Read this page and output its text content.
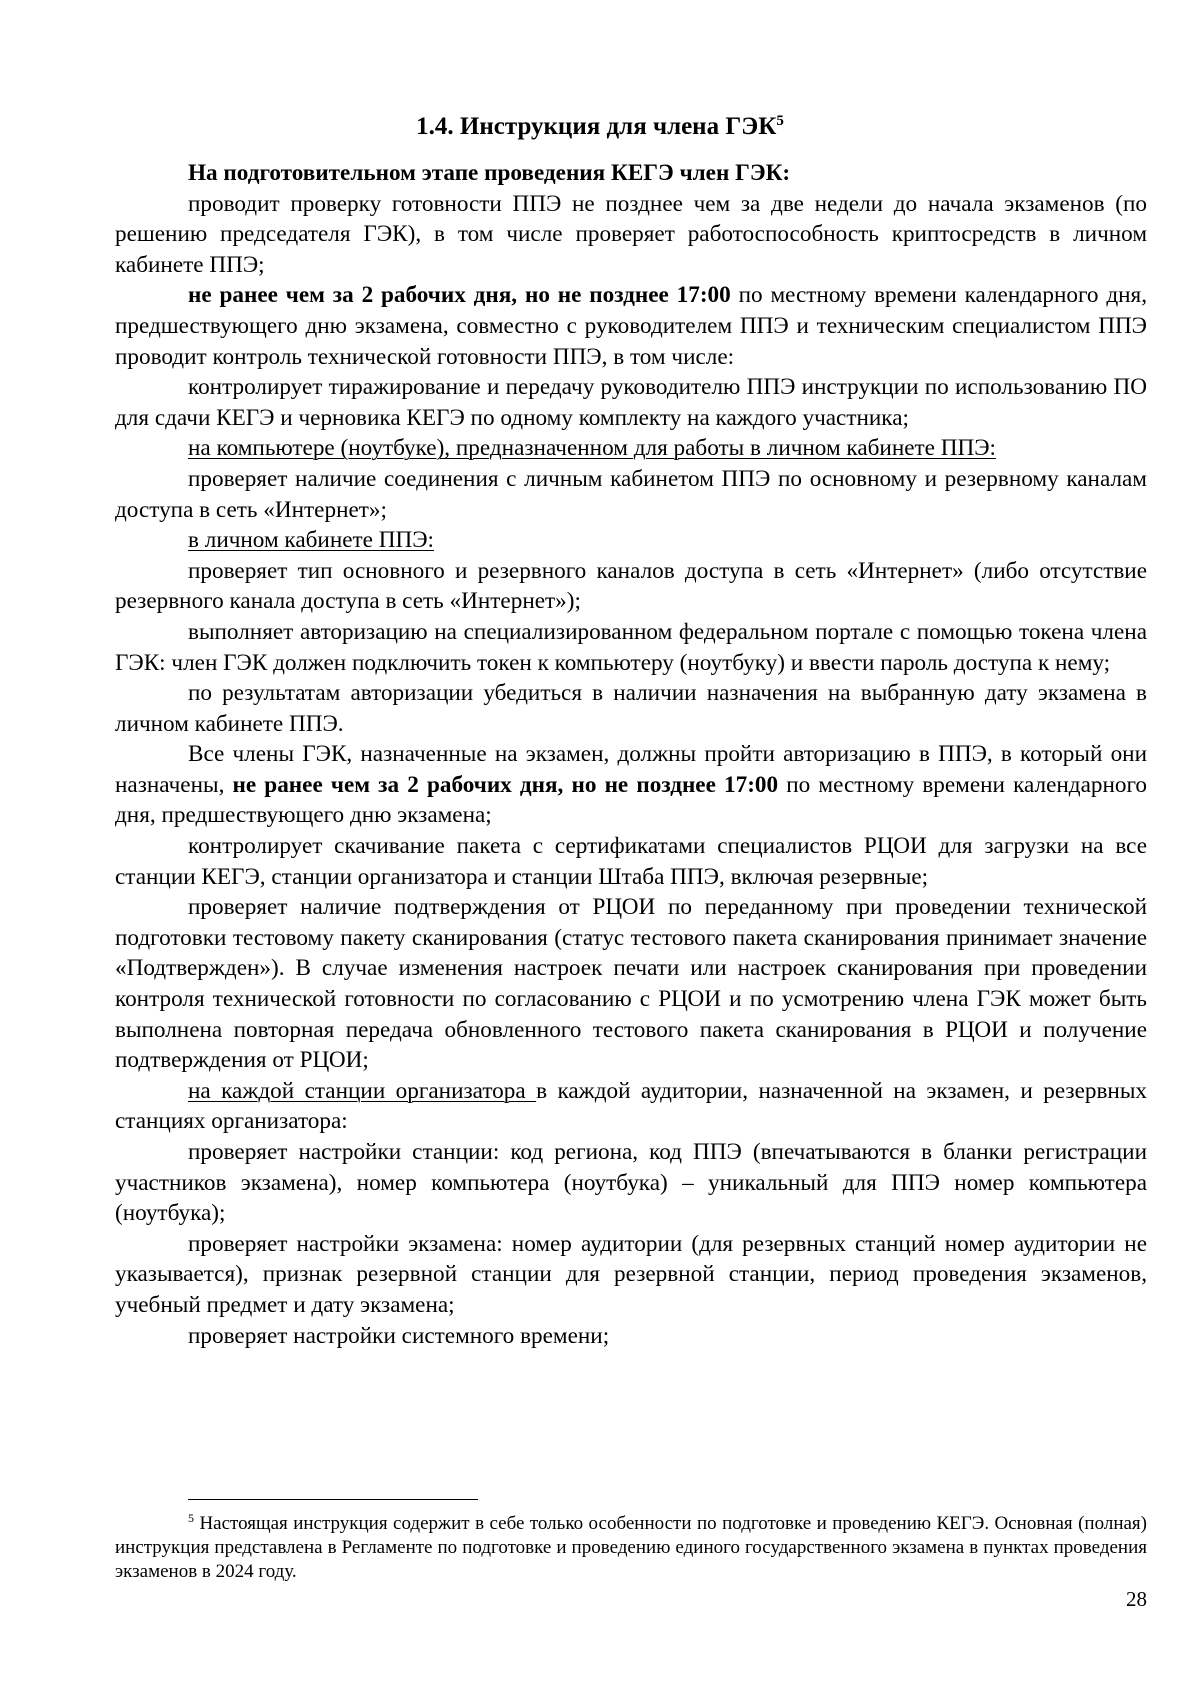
1.4. Инструкция для члена ГЭК$^5$

На подготовительном этапе проведения КЕГЭ член ГЭК:

проводит проверку готовности ППЭ не позднее чем за две недели до начала экзаменов (по решению председателя ГЭК), в том числе проверяет работоспособность криптосредств в личном кабинете ППЭ;

не ранее чем за 2 рабочих дня, но не позднее 17:00 по местному времени календарного дня, предшествующего дню экзамена, совместно с руководителем ППЭ и техническим специалистом ППЭ проводит контроль технической готовности ППЭ, в том числе:

контролирует тиражирование и передачу руководителю ППЭ инструкции по использованию ПО для сдачи КЕГЭ и черновика КЕГЭ по одному комплекту на каждого участника;

на компьютере (ноутбуке), предназначенном для работы в личном кабинете ППЭ:

проверяет наличие соединения с личным кабинетом ППЭ по основному и резервному каналам доступа в сеть «Интернет»;

в личном кабинете ППЭ:

проверяет тип основного и резервного каналов доступа в сеть «Интернет» (либо отсутствие резервного канала доступа в сеть «Интернет»);

выполняет авторизацию на специализированном федеральном портале с помощью токена члена ГЭК: член ГЭК должен подключить токен к компьютеру (ноутбуку) и ввести пароль доступа к нему;

по результатам авторизации убедиться в наличии назначения на выбранную дату экзамена в личном кабинете ППЭ.

Все члены ГЭК, назначенные на экзамен, должны пройти авторизацию в ППЭ, в который они назначены, не ранее чем за 2 рабочих дня, но не позднее 17:00 по местному времени календарного дня, предшествующего дню экзамена;

контролирует скачивание пакета с сертификатами специалистов РЦОИ для загрузки на все станции КЕГЭ, станции организатора и станции Штаба ППЭ, включая резервные;

проверяет наличие подтверждения от РЦОИ по переданному при проведении технической подготовки тестовому пакету сканирования (статус тестового пакета сканирования принимает значение «Подтвержден»). В случае изменения настроек печати или настроек сканирования при проведении контроля технической готовности по согласованию с РЦОИ и по усмотрению члена ГЭК может быть выполнена повторная передача обновленного тестового пакета сканирования в РЦОИ и получение подтверждения от РЦОИ;

на каждой станции организатора в каждой аудитории, назначенной на экзамен, и резервных станциях организатора:

проверяет настройки станции: код региона, код ППЭ (впечатываются в бланки регистрации участников экзамена), номер компьютера (ноутбука) – уникальный для ППЭ номер компьютера (ноутбука);

проверяет настройки экзамена: номер аудитории (для резервных станций номер аудитории не указывается), признак резервной станции для резервной станции, период проведения экзаменов, учебный предмет и дату экзамена;

проверяет настройки системного времени;

$^5$ Настоящая инструкция содержит в себе только особенности по подготовке и проведению КЕГЭ. Основная (полная) инструкция представлена в Регламенте по подготовке и проведению единого государственного экзамена в пунктах проведения экзаменов в 2024 году.

28
